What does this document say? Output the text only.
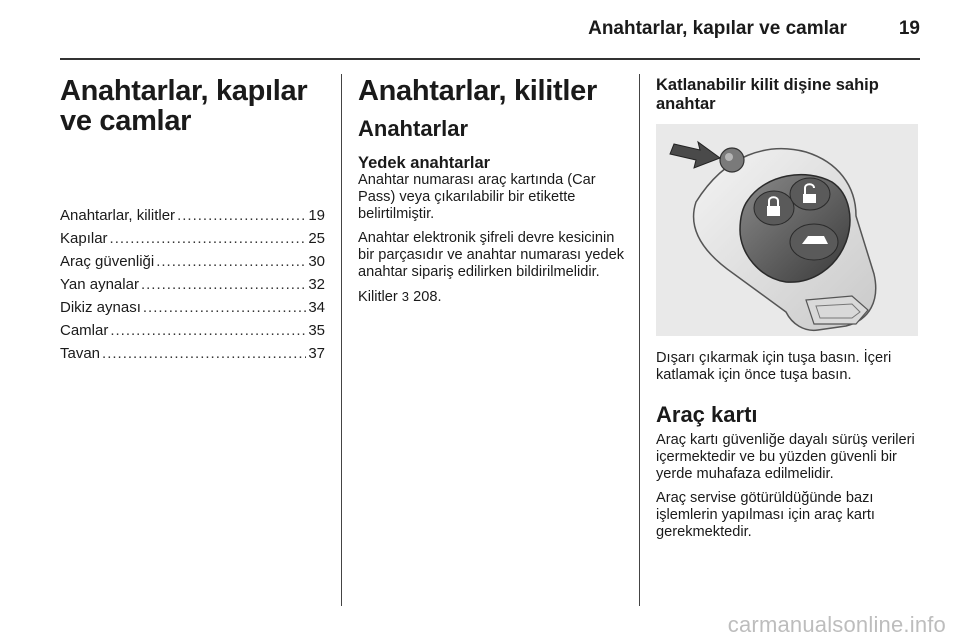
Anahtarlar, kapılar ve camlar	19
Anahtarlar, kapılar ve camlar
Anahtarlar, kilitler .....	19
Kapılar .....	25
Araç güvenliği .....	30
Yan aynalar .....	32
Dikiz aynası .....	34
Camlar .....	35
Tavan .....	37
Anahtarlar, kilitler
Anahtarlar
Yedek anahtarlar

Anahtar numarası araç kartında (Car Pass) veya çıkarılabilir bir etikette belirtilmiştir.

Anahtar elektronik şifreli devre kesicinin bir parçasıdır ve anahtar numarası yedek anahtar sipariş edilirken bildirilmelidir.

Kilitler 3 208.

Katlanabilir kilit dişine sahip anahtar

Dışarı çıkarmak için tuşa basın. İçeri katlamak için önce tuşa basın.

Araç kartı

Araç kartı güvenliğe dayalı sürüş verileri içermektedir ve bu yüzden güvenli bir yerde muhafaza edilmelidir.

Araç servise götürüldüğünde bazı işlemlerin yapılması için araç kartı gerekmektedir.

carmanualsonline.info
